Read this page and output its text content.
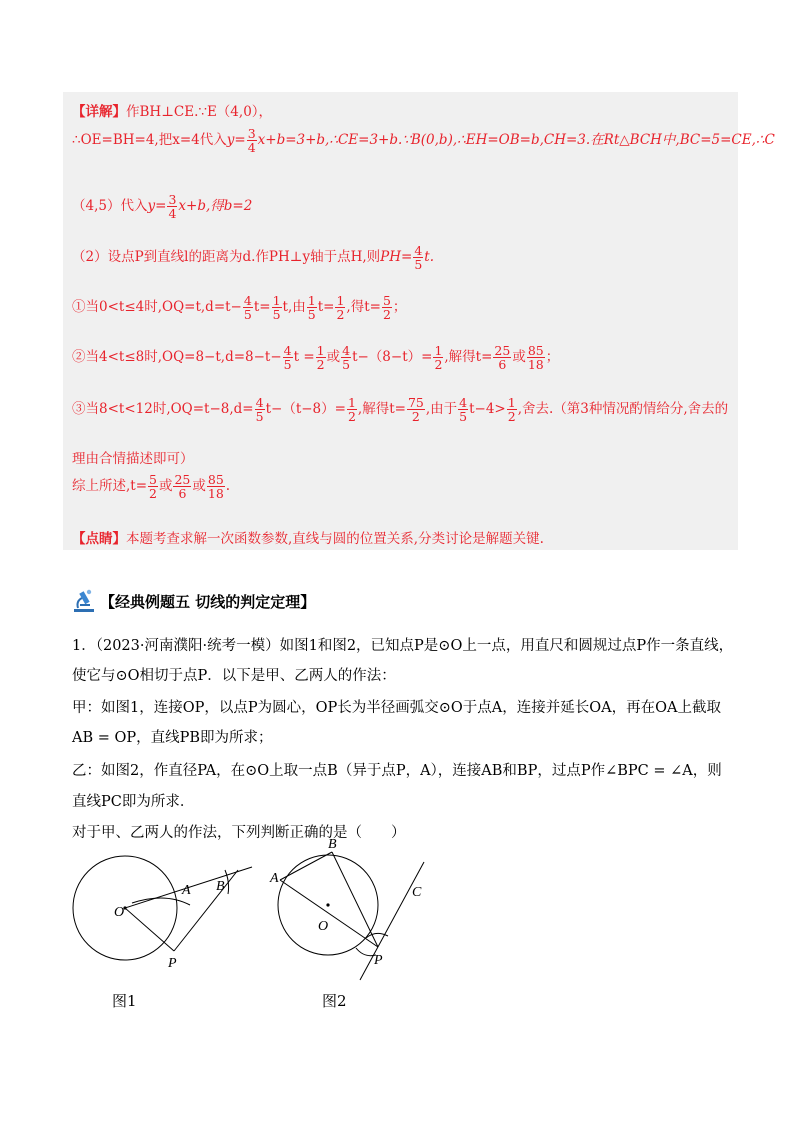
【详解】作BH⊥CE.∵E（4,0），
∴OE=BH=4,把x=4代入$y= \frac{3}{4}$ x+b=3+b,∴CE=3+b.∵B(0,b),∴EH=OB=b,CH=3.在Rt△BCH中,BC=5=CE,∴C
（4,5）代入$y= \frac{3}{4} x+b$,得b=2
（2）设点P到直线l的距离为d.作PH⊥y轴于点H,则$PH= \frac{4}{5} t$.
①当0<t≤4时$,OQ=t,d=t- \frac{4}{5} t= \frac{1}{5} t$,由 $\frac{1}{5} t= \frac{1}{2}$ ,得$t= \frac{5}{2}$ ；
②当4<t≤8时$,OQ=8-t,d=8-t- \frac{4}{5}$ $t = \frac{1}{2}$ 或 $\frac{4}{5} t-(8-t)= \frac{1}{2}$ ,解得$t= \frac{25}{6}$ 或 $\frac{85}{18}$ ；
③当8<t<12时$,OQ=t-8,d= \frac{4}{5} t-(t-8)= \frac{1}{2}$ ,解得$t= \frac{75}{2}$ ,由于 $\frac{4}{5} t-4> \frac{1}{2}$ ,舍去.（第3种情况酌情给分,舍去的
理由合情描述即可）
综上所述$,t= \frac{5}{2}$ 或 $\frac{25}{6}$ 或 $\frac{85}{18}$ .
【点睛】本题考查求解一次函数参数,直线与圆的位置关系,分类讨论是解题关键.
【经典例题五 切线的判定定理】
1．（2023·河南濮阳·统考一模）如图1和图2，已知点P是⊙O上一点，用直尺和圆规过点P作一条直线，
使它与⊙O相切于点P．以下是甲、乙两人的作法：
甲：如图1，连接OP，以点P为圆心，OP长为半径画弧交⊙O于点A，连接并延长OA，再在OA上截取
AB = OP，直线PB即为所求；
乙：如图2，作直径PA，在⊙O上取一点B（异于点P，A），连接AB和BP，过点P作∠BPC = ∠A，则
直线PC即为所求．
对于甲、乙两人的作法，下列判断正确的是（　　）
O
A B
P
图1
A
B
C
O
P
图2
